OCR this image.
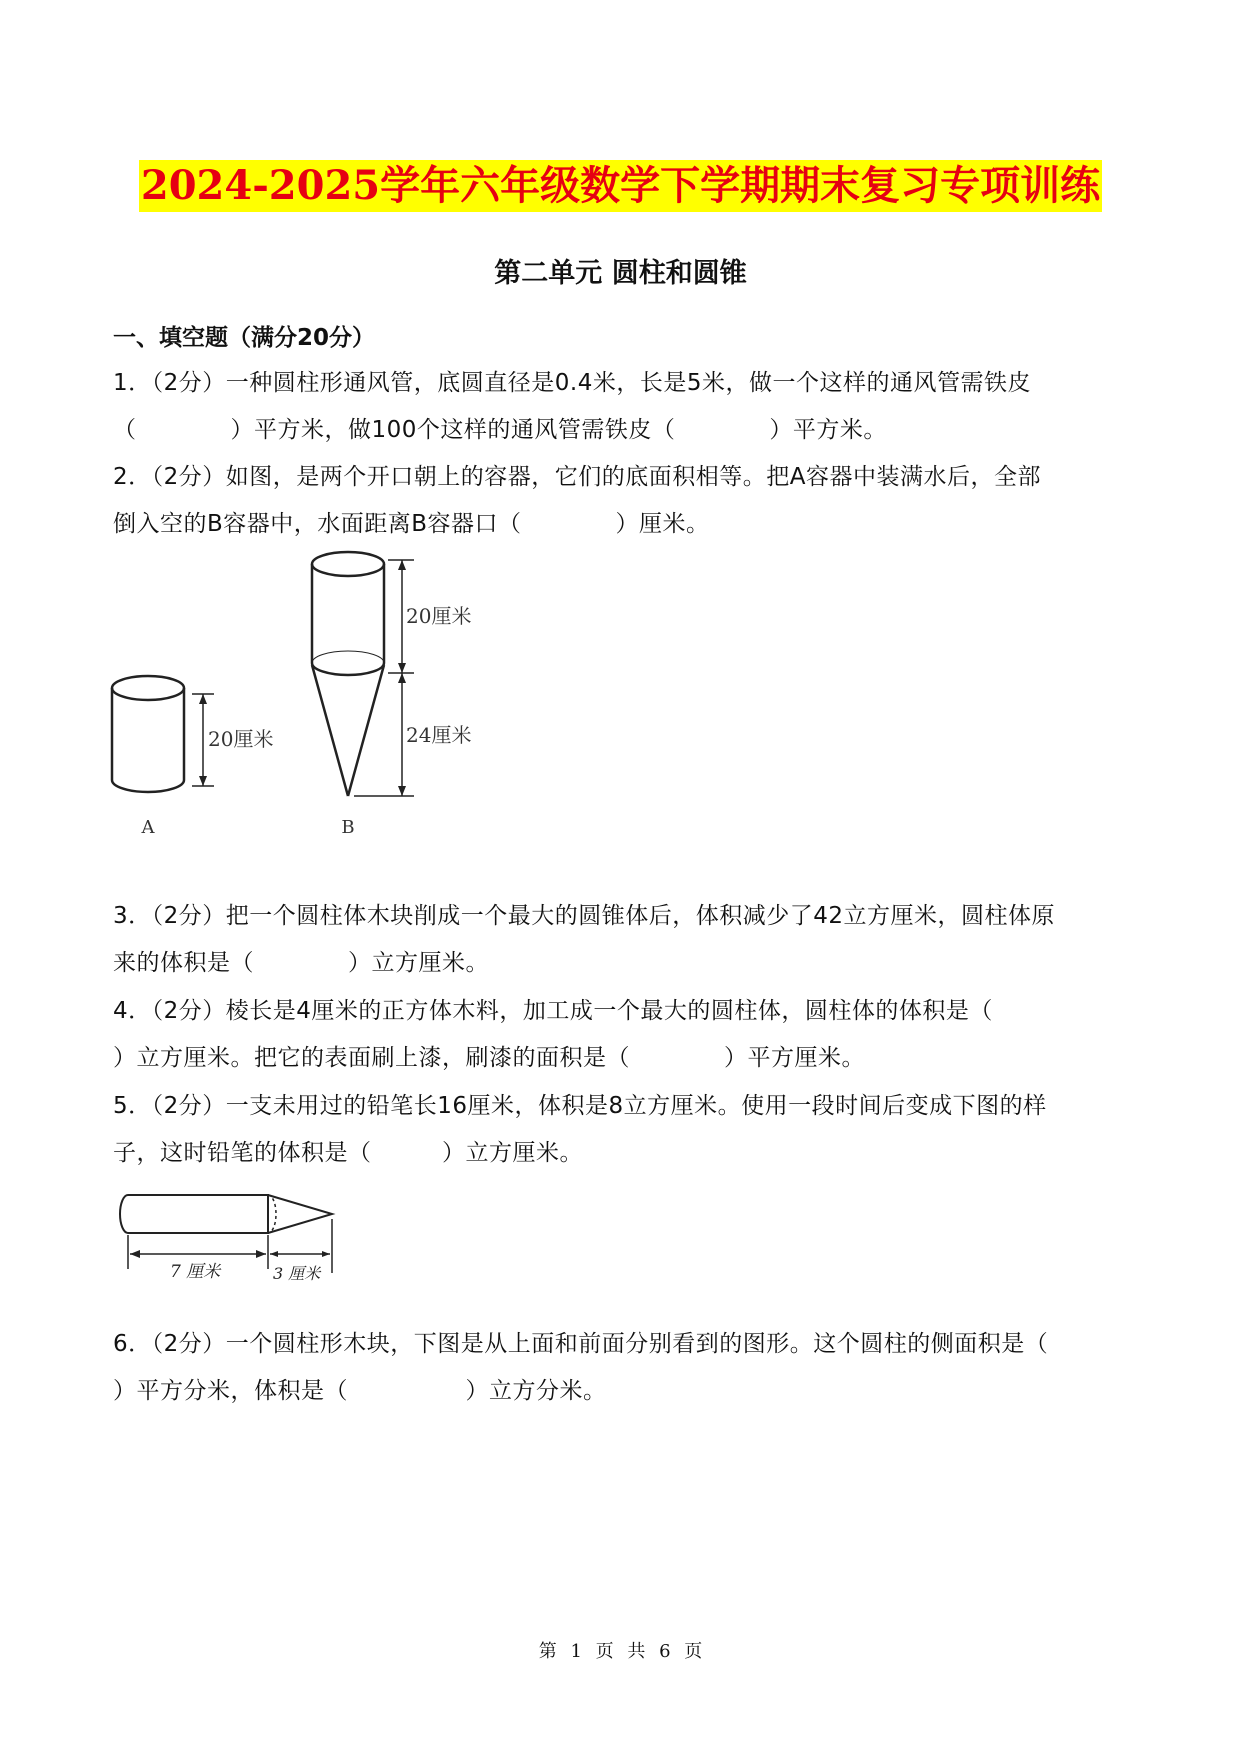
2024-2025学年六年级数学下学期期末复习专项训练
第二单元 圆柱和圆锥
一、填空题（满分20分）
1．（2分）一种圆柱形通风管，底圆直径是0.4米，长是5米，做一个这样的通风管需铁皮
（　　　　）平方米，做100个这样的通风管需铁皮（　　　　）平方米。
2．（2分）如图，是两个开口朝上的容器，它们的底面积相等。把A容器中装满水后，全部
倒入空的B容器中，水面距离B容器口（　　　　）厘米。
20厘米
A
20厘米
24厘米
B
3．（2分）把一个圆柱体木块削成一个最大的圆锥体后，体积减少了42立方厘米，圆柱体原
来的体积是（　　　　）立方厘米。
4．（2分）棱长是4厘米的正方体木料，加工成一个最大的圆柱体，圆柱体的体积是（
）立方厘米。把它的表面刷上漆，刷漆的面积是（　　　　）平方厘米。
5．（2分）一支未用过的铅笔长16厘米，体积是8立方厘米。使用一段时间后变成下图的样
子，这时铅笔的体积是（　　　）立方厘米。
7 厘米	3 厘米
6．（2分）一个圆柱形木块，下图是从上面和前面分别看到的图形。这个圆柱的侧面积是（
）平方分米，体积是（　　　　　）立方分米。
第 1 页 共 6 页
